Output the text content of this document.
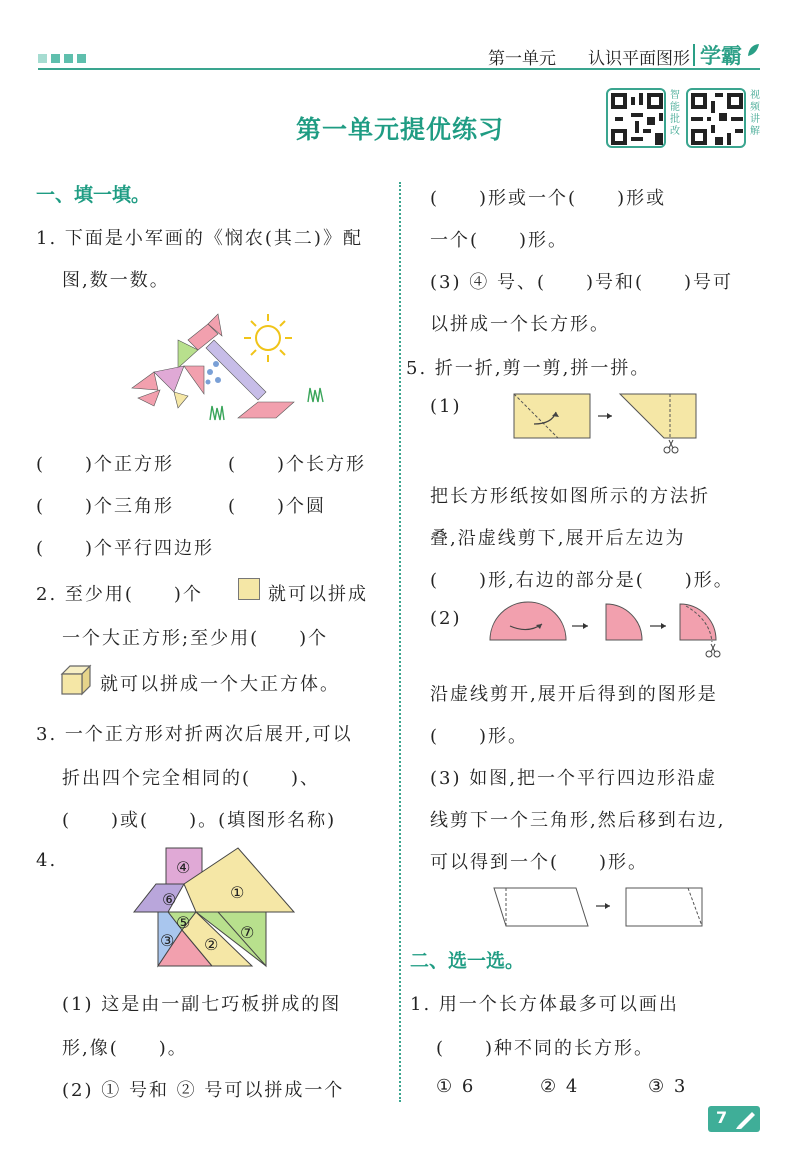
第一单元 认识平面图形 学霸
第一单元提优练习
智能批改
视频讲解
一、填一填。
1. 下面是小军画的《悯农(其二)》配
图,数一数。
(　　)个正方形	(　　)个长方形
(　　)个三角形	(　　)个圆
(　　)个平行四边形
2. 至少用(　　)个	就可以拼成
一个大正方形;至少用(　　)个
就可以拼成一个大正方体。
3. 一个正方形对折两次后展开,可以
折出四个完全相同的(　　)、
(　　)或(　　)。(填图形名称)
4.	④
⑥	①
⑤
⑦
③ ②
(1) 这是由一副七巧板拼成的图
形,像(　　)。
(2) ① 号和 ② 号可以拼成一个
(　　)形或一个(　　)形或
一个(　　)形。
(3) ④ 号、(　　)号和(　　)号可
以拼成一个长方形。
5. 折一折,剪一剪,拼一拼。
(1)
把长方形纸按如图所示的方法折
叠,沿虚线剪下,展开后左边为
(　　)形,右边的部分是(　　)形。
(2)
沿虚线剪开,展开后得到的图形是
(　　)形。
(3) 如图,把一个平行四边形沿虚
线剪下一个三角形,然后移到右边,
可以得到一个(　　)形。
二、选一选。
1. 用一个长方体最多可以画出
(　　)种不同的长方形。
① 6	② 4	③ 3
7
